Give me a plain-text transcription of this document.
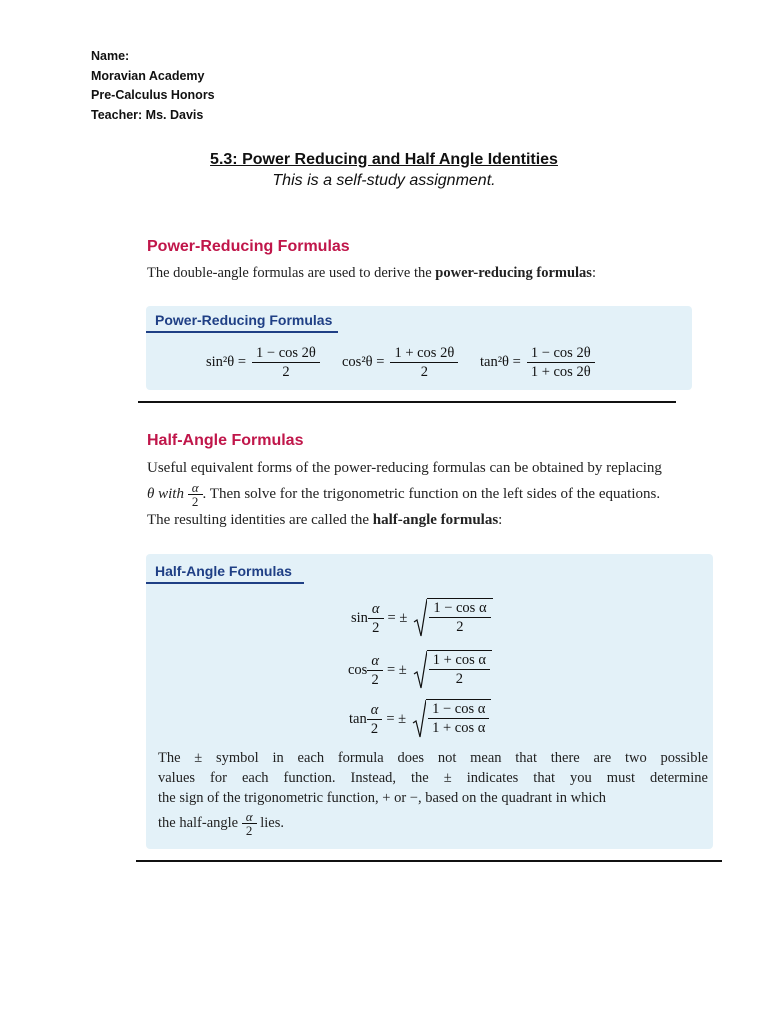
Name:
Moravian Academy
Pre-Calculus Honors
Teacher: Ms. Davis
5.3: Power Reducing and Half Angle Identities
This is a self-study assignment.
Power-Reducing Formulas
The double-angle formulas are used to derive the power-reducing formulas:
Power-Reducing Formulas
$\sin^2\theta = \frac{1 - \cos 2\theta}{2} \cos^2\theta = \frac{1 + \cos 2\theta}{2} \tan^2\theta = \frac{1 - \cos 2\theta}{1 + \cos 2\theta}$
Half-Angle Formulas
Useful equivalent forms of the power-reducing formulas can be obtained by replacing
θ with $\frac{\alpha}{2}$ . Then solve for the trigonometric function on the left sides of the equations.
The resulting identities are called the half-angle formulas:
Half-Angle Formulas
$\sin \frac{\alpha}{2}$ = ± $\frac{\text{1 − cos α}}{2}$
$\cos \frac{\alpha}{2}$ = ± $\frac{\text{1 + cos α}}{2}$
$\tan \frac{\alpha}{2}$ = ± $\frac{\text{1 − cos α}}{\text{1 + cos α}}$
The ± symbol in each formula does not mean that there are two possible
values for each function. Instead, the ± indicates that you must determine
the sign of the trigonometric function, + or −, based on the quadrant in which
the half-angle $\frac{\alpha}{2}$ lies.
